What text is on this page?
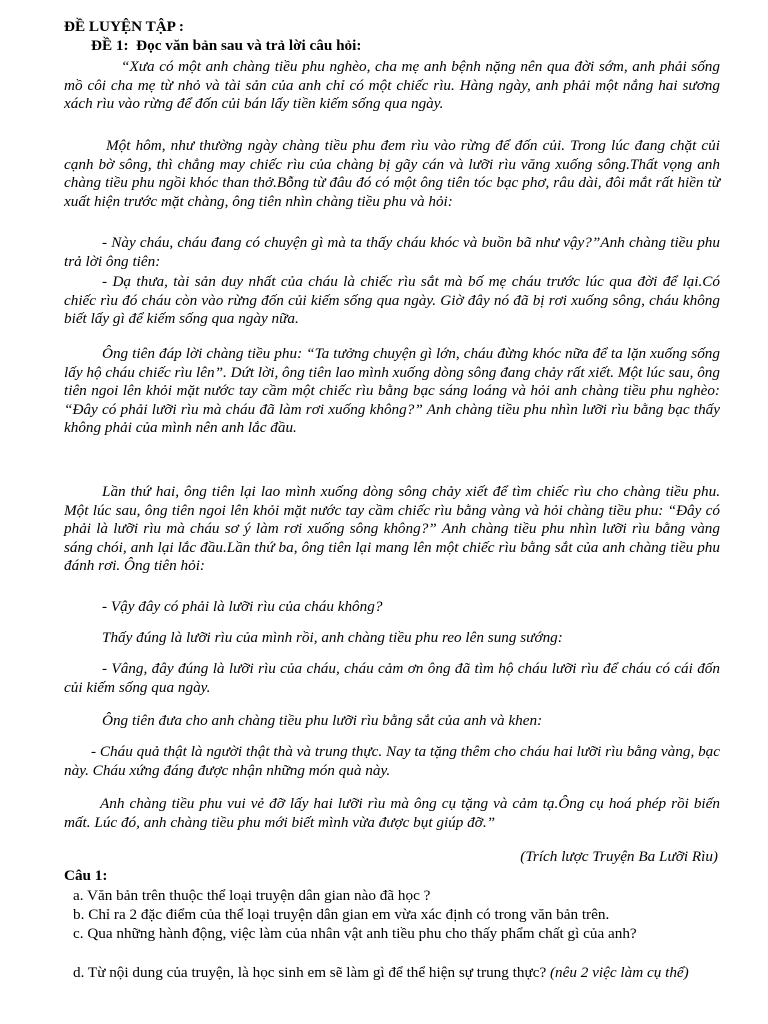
ĐỀ LUYỆN TẬP :
ĐỀ 1: Đọc văn bản sau và trả lời câu hỏi:
“Xưa có một anh chàng tiều phu nghèo, cha mẹ anh bệnh nặng nên qua đời sớm, anh phải sống mồ côi cha mẹ từ nhỏ và tài sản của anh chỉ có một chiếc rìu. Hàng ngày, anh phải một nắng hai sương xách rìu vào rừng để đốn củi bán lấy tiền kiếm sống qua ngày.
Một hôm, như thường ngày chàng tiều phu đem rìu vào rừng để đốn củi. Trong lúc đang chặt củi cạnh bờ sông, thì chẳng may chiếc rìu của chàng bị gãy cán và lưỡi rìu văng xuống sông.Thất vọng anh chàng tiều phu ngồi khóc than thở.Bỗng từ đâu đó có một ông tiên tóc bạc phơ, râu dài, đôi mắt rất hiền từ xuất hiện trước mặt chàng, ông tiên nhìn chàng tiều phu và hỏi:
- Này cháu, cháu đang có chuyện gì mà ta thấy cháu khóc và buồn bã như vậy?”Anh chàng tiều phu trả lời ông tiên:
- Dạ thưa, tài sản duy nhất của cháu là chiếc rìu sắt mà bố mẹ cháu trước lúc qua đời để lại.Có chiếc rìu đó cháu còn vào rừng đốn củi kiếm sống qua ngày. Giờ đây nó đã bị rơi xuống sông, cháu không biết lấy gì để kiếm sống qua ngày nữa.
Ông tiên đáp lời chàng tiều phu: “Ta tưởng chuyện gì lớn, cháu đừng khóc nữa để ta lặn xuống sống lấy hộ cháu chiếc rìu lên”. Dứt lời, ông tiên lao mình xuống dòng sông đang chảy rất xiết. Một lúc sau, ông tiên ngoi lên khỏi mặt nước tay cầm một chiếc rìu bằng bạc sáng loáng và hỏi anh chàng tiều phu nghèo: “Đây có phải lưỡi rìu mà cháu đã làm rơi xuống không?” Anh chàng tiều phu nhìn lưỡi rìu bằng bạc thấy không phải của mình nên anh lắc đầu.
Lần thứ hai, ông tiên lại lao mình xuống dòng sông chảy xiết để tìm chiếc rìu cho chàng tiều phu. Một lúc sau, ông tiên ngoi lên khỏi mặt nước tay cầm chiếc rìu bằng vàng và hỏi chàng tiều phu: “Đây có phải là lưỡi rìu mà cháu sơ ý làm rơi xuống sông không?” Anh chàng tiều phu nhìn lưỡi rìu bằng vàng sáng chói, anh lại lắc đầu.Lần thứ ba, ông tiên lại mang lên một chiếc rìu bằng sắt của anh chàng tiều phu đánh rơi. Ông tiên hỏi:
- Vậy đây có phải là lưỡi rìu của cháu không?
Thấy đúng là lưỡi rìu của mình rồi, anh chàng tiều phu reo lên sung sướng:
- Vâng, đây đúng là lưỡi rìu của cháu, cháu cảm ơn ông đã tìm hộ cháu lưỡi rìu để cháu có cái đốn củi kiếm sống qua ngày.
Ông tiên đưa cho anh chàng tiều phu lưỡi rìu bằng sắt của anh và khen:
- Cháu quả thật là người thật thà và trung thực. Nay ta tặng thêm cho cháu hai lưỡi rìu bằng vàng, bạc này. Cháu xứng đáng được nhận những món quà này.
Anh chàng tiều phu vui vẻ đỡ lấy hai lưỡi rìu mà ông cụ tặng và cảm tạ.Ông cụ hoá phép rồi biến mất. Lúc đó, anh chàng tiều phu mới biết mình vừa được bụt giúp đỡ.”
(Trích lược Truyện Ba Lưỡi Rìu)
Câu 1:
a. Văn bản trên thuộc thể loại truyện dân gian nào đã học ?
b. Chỉ ra 2 đặc điểm của thể loại truyện dân gian em vừa xác định có trong văn bản trên.
c. Qua những hành động, việc làm của nhân vật anh tiều phu cho thấy phẩm chất gì của anh?
d. Từ nội dung của truyện, là học sinh em sẽ làm gì để thể hiện sự trung thực? (nêu 2 việc làm cụ thể)
